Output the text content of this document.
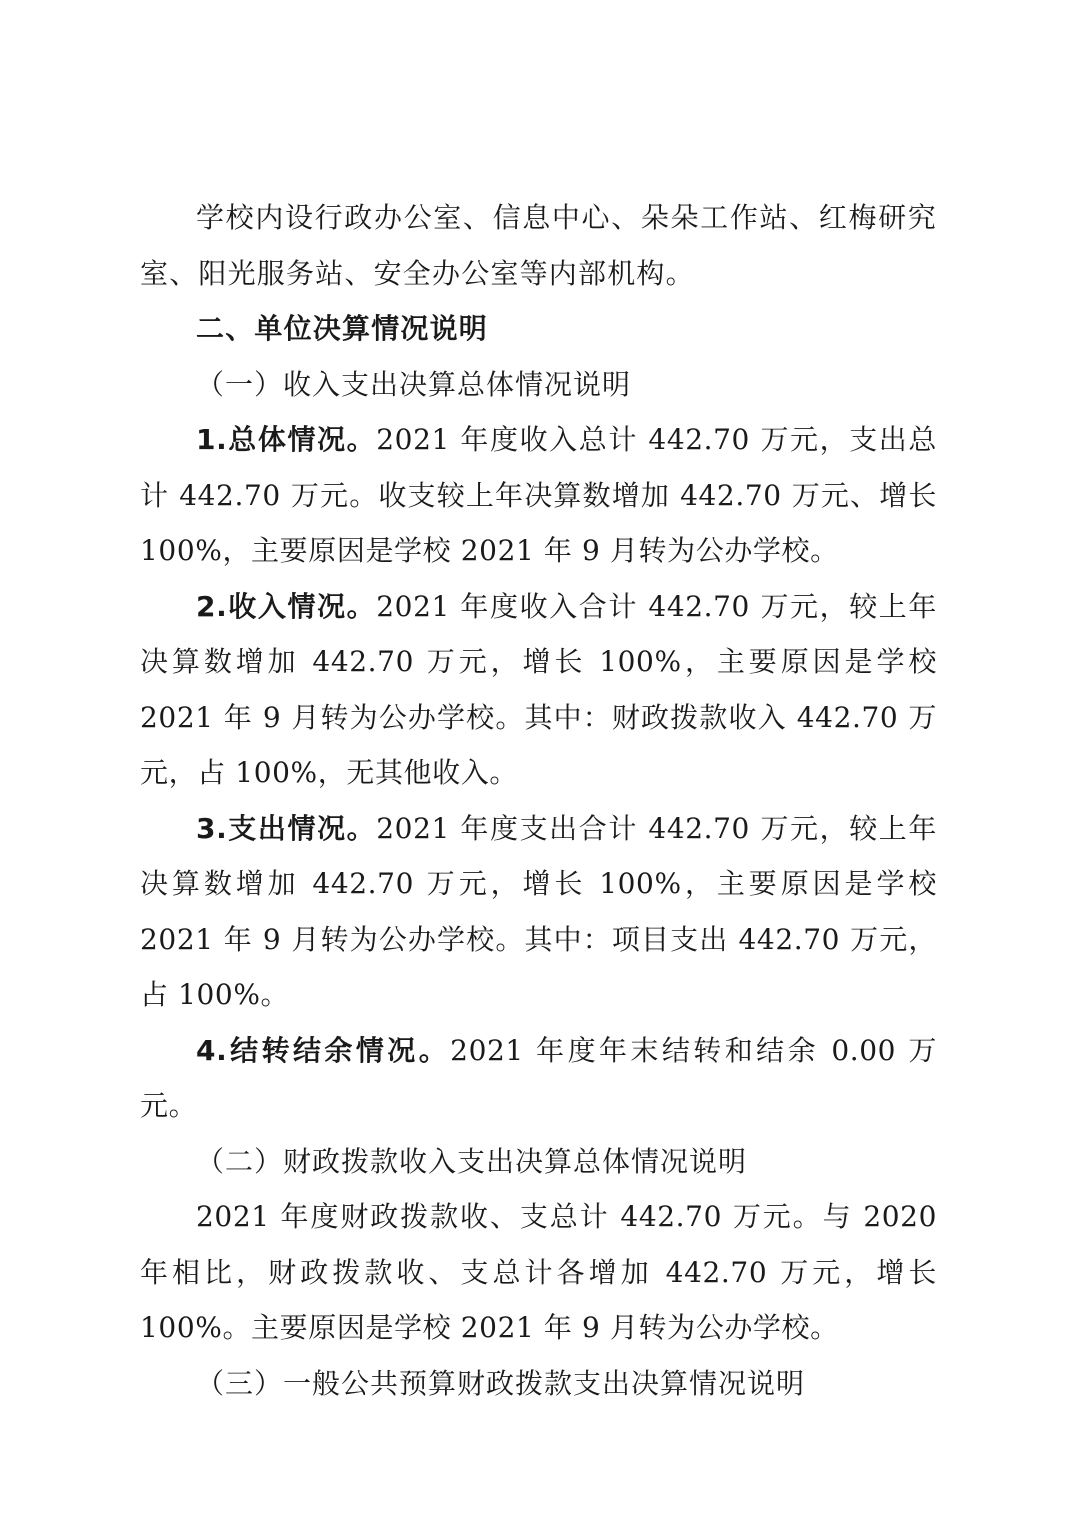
学校内设行政办公室、信息中心、朵朵工作站、红梅研究室、阳光服务站、安全办公室等内部机构。

二、单位决算情况说明

（一）收入支出决算总体情况说明

1.总体情况。2021 年度收入总计 442.70 万元，支出总计 442.70 万元。收支较上年决算数增加 442.70 万元、增长 100%，主要原因是学校 2021 年 9 月转为公办学校。

2.收入情况。2021 年度收入合计 442.70 万元，较上年决算数增加 442.70 万元，增长 100%，主要原因是学校 2021 年 9 月转为公办学校。其中：财政拨款收入 442.70 万元，占 100%，无其他收入。

3.支出情况。2021 年度支出合计 442.70 万元，较上年决算数增加 442.70 万元，增长 100%，主要原因是学校 2021 年 9 月转为公办学校。其中：项目支出 442.70 万元，占 100%。

4.结转结余情况。2021 年度年末结转和结余 0.00 万元。

（二）财政拨款收入支出决算总体情况说明

2021 年度财政拨款收、支总计 442.70 万元。与 2020 年相比，财政拨款收、支总计各增加 442.70 万元，增长 100%。主要原因是学校 2021 年 9 月转为公办学校。

（三）一般公共预算财政拨款支出决算情况说明
